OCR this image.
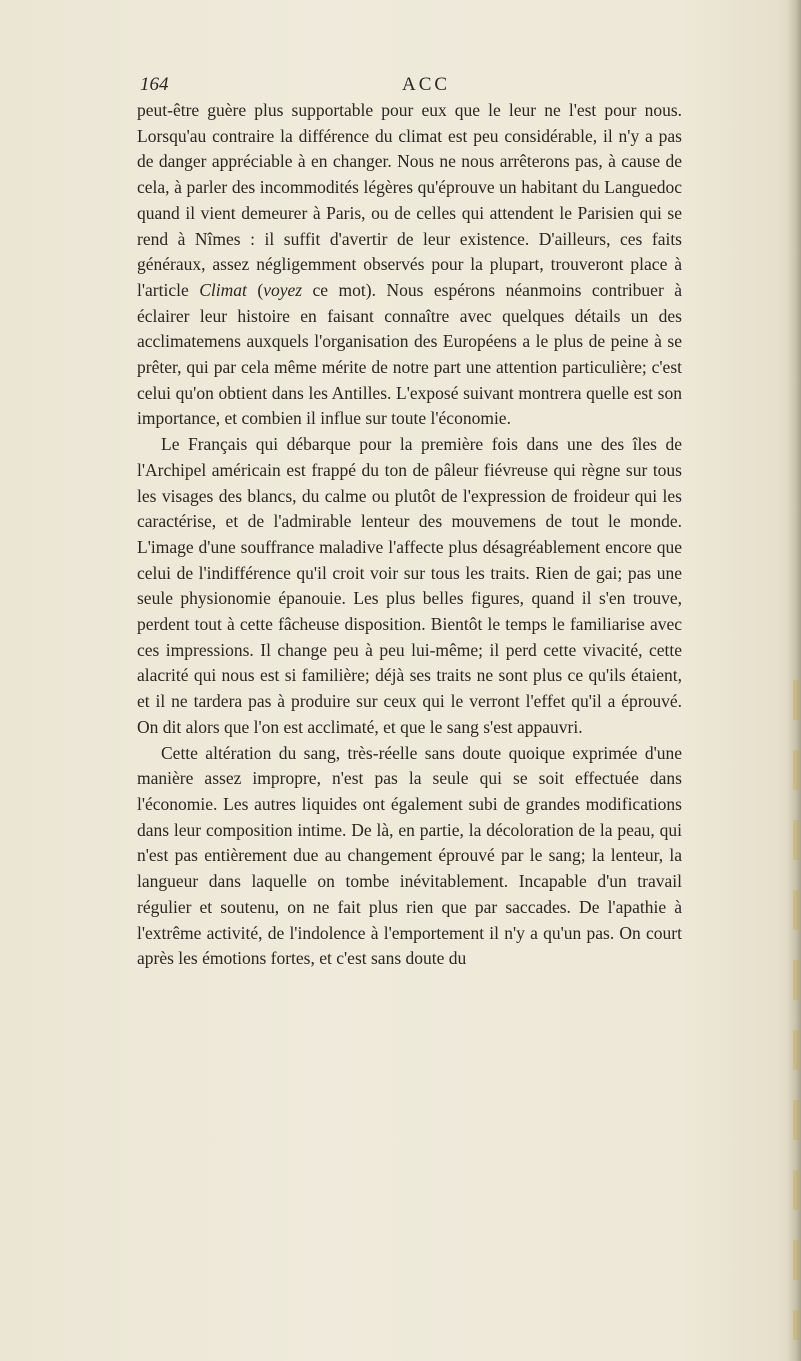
164	ACC

peut-être guère plus supportable pour eux que le leur ne l'est pour nous. Lorsqu'au contraire la différence du climat est peu considérable, il n'y a pas de danger appréciable à en changer. Nous ne nous arrêterons pas, à cause de cela, à parler des incommodités légères qu'éprouve un habitant du Languedoc quand il vient demeurer à Paris, ou de celles qui attendent le Parisien qui se rend à Nîmes : il suffit d'avertir de leur existence. D'ailleurs, ces faits généraux, assez négligemment observés pour la plupart, trouveront place à l'article Climat (voyez ce mot). Nous espérons néanmoins contribuer à éclairer leur histoire en faisant connaître avec quelques détails un des acclimatemens auxquels l'organisation des Européens a le plus de peine à se prêter, qui par cela même mérite de notre part une attention particulière; c'est celui qu'on obtient dans les Antilles. L'exposé suivant montrera quelle est son importance, et combien il influe sur toute l'économie.

Le Français qui débarque pour la première fois dans une des îles de l'Archipel américain est frappé du ton de pâleur fiévreuse qui règne sur tous les visages des blancs, du calme ou plutôt de l'expression de froideur qui les caractérise, et de l'admirable lenteur des mouvemens de tout le monde. L'image d'une souffrance maladive l'affecte plus désagréablement encore que celui de l'indifférence qu'il croit voir sur tous les traits. Rien de gai; pas une seule physionomie épanouie. Les plus belles figures, quand il s'en trouve, perdent tout à cette fâcheuse disposition. Bientôt le temps le familiarise avec ces impressions. Il change peu à peu lui-même; il perd cette vivacité, cette alacrité qui nous est si familière; déjà ses traits ne sont plus ce qu'ils étaient, et il ne tardera pas à produire sur ceux qui le verront l'effet qu'il a éprouvé. On dit alors que l'on est acclimaté, et que le sang s'est appauvri.

Cette altération du sang, très-réelle sans doute quoique exprimée d'une manière assez impropre, n'est pas la seule qui se soit effectuée dans l'économie. Les autres liquides ont également subi de grandes modifications dans leur composition intime. De là, en partie, la décoloration de la peau, qui n'est pas entièrement due au changement éprouvé par le sang; la lenteur, la langueur dans laquelle on tombe inévitablement. Incapable d'un travail régulier et soutenu, on ne fait plus rien que par saccades. De l'apathie à l'extrême activité, de l'indolence à l'emportement il n'y a qu'un pas. On court après les émotions fortes, et c'est sans doute du
